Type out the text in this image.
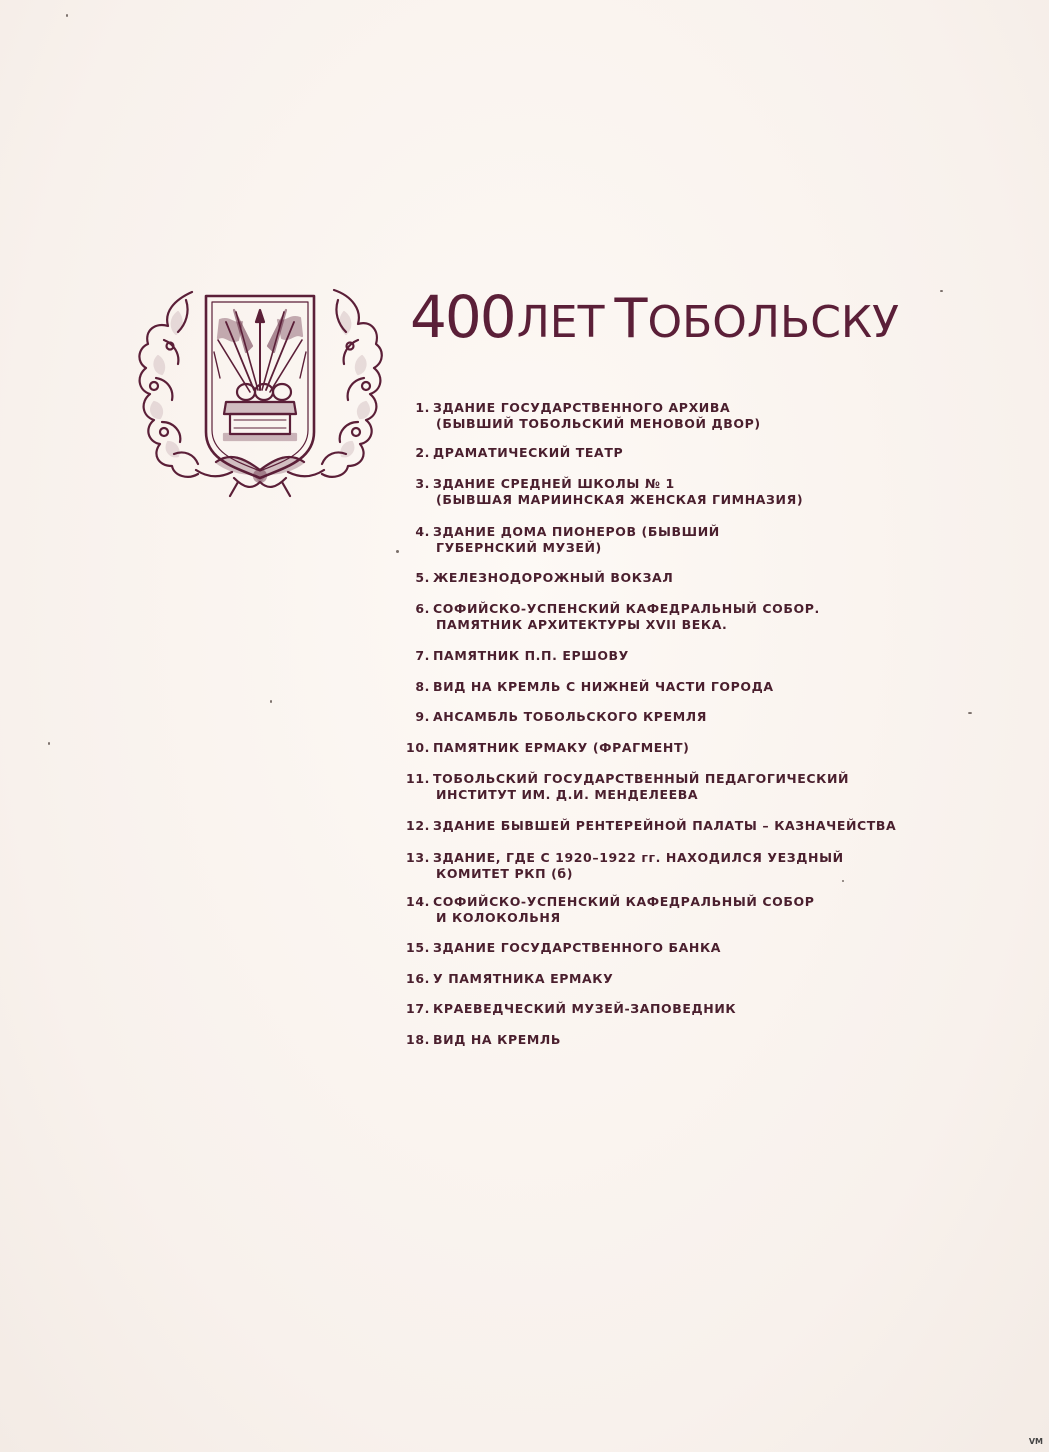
400ЛЕТ ТОБОЛЬСКУ
1. ЗДАНИЕ ГОСУДАРСТВЕННОГО АРХИВА
(БЫВШИЙ ТОБОЛЬСКИЙ МЕНОВОЙ ДВОР)
2. ДРАМАТИЧЕСКИЙ ТЕАТР
3. ЗДАНИЕ СРЕДНЕЙ ШКОЛЫ № 1
(БЫВШАЯ МАРИИНСКАЯ ЖЕНСКАЯ ГИМНАЗИЯ)
4. ЗДАНИЕ ДОМА ПИОНЕРОВ (БЫВШИЙ
ГУБЕРНСКИЙ МУЗЕЙ)
5. ЖЕЛЕЗНОДОРОЖНЫЙ ВОКЗАЛ
6. СОФИЙСКО-УСПЕНСКИЙ КАФЕДРАЛЬНЫЙ СОБОР.
ПАМЯТНИК АРХИТЕКТУРЫ XVII ВЕКА.
7. ПАМЯТНИК П.П. ЕРШОВУ
8. ВИД НА КРЕМЛЬ С НИЖНЕЙ ЧАСТИ ГОРОДА
9. АНСАМБЛЬ ТОБОЛЬСКОГО КРЕМЛЯ
10. ПАМЯТНИК ЕРМАКУ (ФРАГМЕНТ)
11. ТОБОЛЬСКИЙ ГОСУДАРСТВЕННЫЙ ПЕДАГОГИЧЕСКИЙ
ИНСТИТУТ ИМ. Д.И. МЕНДЕЛЕЕВА
12. ЗДАНИЕ БЫВШЕЙ РЕНТЕРЕЙНОЙ ПАЛАТЫ – КАЗНАЧЕЙСТВА
13. ЗДАНИЕ, ГДЕ С 1920–1922 гг. НАХОДИЛСЯ УЕЗДНЫЙ
КОМИТЕТ РКП (б)
14. СОФИЙСКО-УСПЕНСКИЙ КАФЕДРАЛЬНЫЙ СОБОР
И КОЛОКОЛЬНЯ
15. ЗДАНИЕ ГОСУДАРСТВЕННОГО БАНКА
16. У ПАМЯТНИКА ЕРМАКУ
17. КРАЕВЕДЧЕСКИЙ МУЗЕЙ-ЗАПОВЕДНИК
18. ВИД НА КРЕМЛЬ
VM
